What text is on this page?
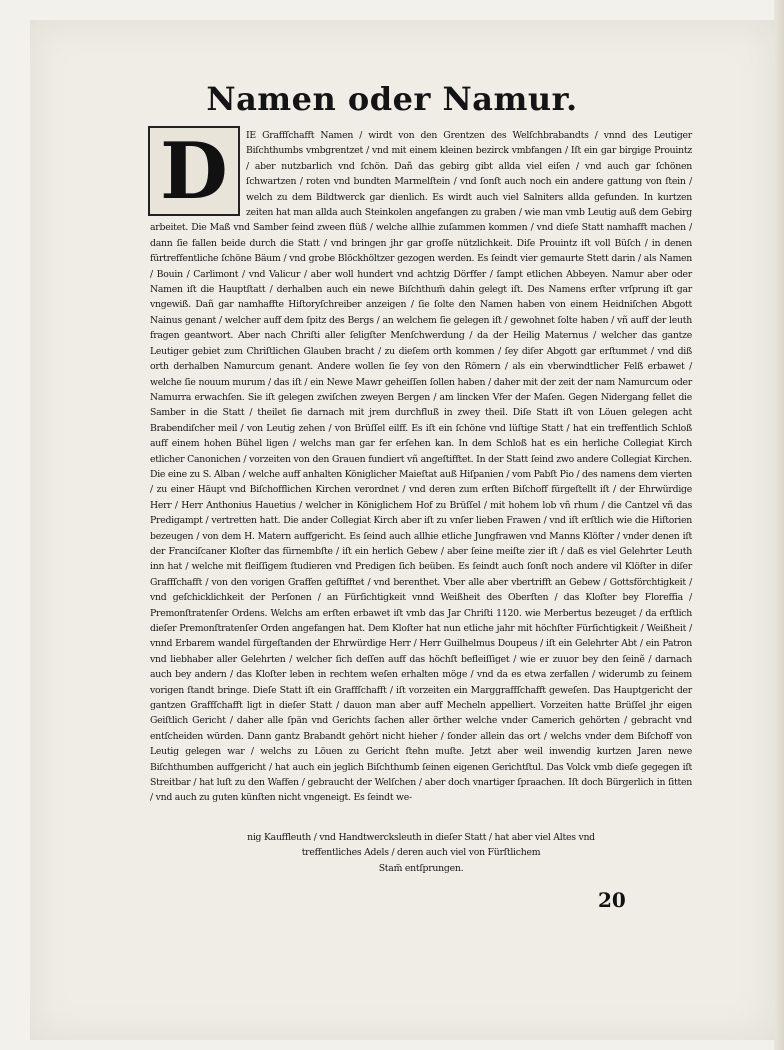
Namen oder Namur.
D	IE Graffſchafft Namen / wirdt von den Grentzen des Welſchbrabandts / vnnd des Leutiger Biſchthumbs vmbgrentzet / vnd mit einem kleinen bezirck vmbfangen / Iſt ein gar birgige Prouintz / aber nutzbarlich vnd ſchön. Dañ das gebirg gibt allda viel eiſen / vnd auch gar ſchönen ſchwartzen / roten vnd bundten Marmelſtein / vnd ſonſt auch noch ein andere gattung von ſtein / welch zu dem Bildtwerck gar dienlich. Es wirdt auch viel Salniters allda gefunden. In kurtzen zeiten hat man allda auch Steinkolen angefangen zu graben / wie man vmb Leutig auß dem Gebirg arbeitet. Die Maß vnd Samber ſeind zween flüß / welche allhie zuſammen kommen / vnd dieſe Statt namhafft machen / dann ſie fallen beide durch die Statt / vnd bringen jhr gar groſſe nützlichkeit. Diſe Prouintz iſt voll Büſch / in denen fürtreffentliche ſchöne Bäum / vnd grobe Blöckhöltzer gezogen werden. Es ſeindt vier gemaurte Stett darin / als Namen / Bouin / Carlimont / vnd Valicur / aber woll hundert vnd achtzig Dörffer / ſampt etlichen Abbeyen. Namur aber oder Namen iſt die Hauptſtatt / derhalben auch ein newe Biſchthum̃ dahin gelegt iſt. Des Namens erſter vrſprung iſt gar vngewiß. Dañ gar namhaffte Hiſtoryſchreiber anzeigen / ſie ſolte den Namen haben von einem Heidniſchen Abgott Nainus genant / welcher auff dem ſpitz des Bergs / an welchem ſie gelegen iſt / gewohnet ſolte haben / vñ auff der leuth fragen geantwort. Aber nach Chriſti aller ſeligſter Menſchwerdung / da der Heilig Maternus / welcher das gantze Leutiger gebiet zum Chriſtlichen Glauben bracht / zu dieſem orth kommen / ſey diſer Abgott gar erſtummet / vnd diß orth derhalben Namurcum genant. Andere wollen ſie ſey von den Römern / als ein vberwindtlicher Felß erbawet / welche ſie nouum murum / das iſt / ein Newe Mawr geheiſſen ſollen haben / daher mit der zeit der nam Namurcum oder Namurra erwachſen. Sie iſt gelegen zwiſchen zweyen Bergen / am lincken Vfer der Maſen. Gegen Nidergang fellet die Samber in die Statt / theilet ſie darnach mit jrem durchfluß in zwey theil. Diſe Statt iſt von Löuen gelegen acht Brabendiſcher meil / von Leutig zehen / von Brüſſel eilff. Es iſt ein ſchöne vnd lüſtige Statt / hat ein treffentlich Schloß auff einem hohen Bühel ligen / welchs man gar fer erſehen kan. In dem Schloß hat es ein herliche Collegiat Kirch etlicher Canonichen / vorzeiten von den Grauen fundiert vñ angeſtifftet. In der Statt ſeind zwo andere Collegiat Kirchen. Die eine zu S. Alban / welche auff anhalten Königlicher Maieſtat auß Hiſpanien / vom Pabſt Pio / des namens dem vierten / zu einer Häupt vnd Biſchofflichen Kirchen verordnet / vnd deren zum erſten Biſchoff fürgeſtellt iſt / der Ehrwürdige Herr / Herr Anthonius Hauetius / welcher in Königlichem Hof zu Brüſſel / mit hohem lob vñ rhum / die Cantzel vñ das Predigampt / vertretten hatt. Die ander Collegiat Kirch aber iſt zu vnſer lieben Frawen / vnd iſt erſtlich wie die Hiſtorien bezeugen / von dem H. Matern auffgericht. Es ſeind auch allhie etliche Jungfrawen vnd Manns Klöſter / vnder denen iſt der Franciſcaner Kloſter das fürnembſte / iſt ein herlich Gebew / aber ſeine meiſte zier iſt / daß es viel Gelehrter Leuth inn hat / welche mit fleiſſigem ſtudieren vnd Predigen ſich beüben. Es ſeindt auch ſonſt noch andere vil Klöſter in diſer Graffſchafft / von den vorigen Graffen geſtifftet / vnd berenthet. Vber alle aber vbertrifft an Gebew / Gottsförchtigkeit / vnd geſchicklichkeit der Perſonen / an Fürſichtigkeit vnnd Weißheit des Oberſten / das Kloſter bey Floreffia / Premonſtratenſer Ordens. Welchs am erſten erbawet iſt vmb das Jar Chriſti 1120. wie Merbertus bezeuget / da erſtlich dieſer Premonſtratenſer Orden angefangen hat. Dem Kloſter hat nun etliche jahr mit höchſter Fürſichtigkeit / Weißheit / vnnd Erbarem wandel fürgeſtanden der Ehrwürdige Herr / Herr Guilhelmus Doupeus / iſt ein Gelehrter Abt / ein Patron vnd liebhaber aller Gelehrten / welcher ſich deſſen auff das höchſt befleiſſiget / wie er zuuor bey den ſeinẽ / darnach auch bey andern / das Kloſter leben in rechtem weſen erhalten möge / vnd da es etwa zerfallen / widerumb zu ſeinem vorigen ſtandt bringe. Dieſe Statt iſt ein Graffſchafft / iſt vorzeiten ein Marggraffſchafft geweſen. Das Hauptgericht der gantzen Graffſchafft ligt in dieſer Statt / dauon man aber auff Mecheln appelliert. Vorzeiten hatte Brüſſel jhr eigen Geiſtlich Gericht / daher alle ſpän vnd Gerichts ſachen aller örther welche vnder Camerich gehörten / gebracht vnd entſcheiden würden. Dann gantz Brabandt gehört nicht hieher / ſonder allein das ort / welchs vnder dem Biſchoff von Leutig gelegen war / welchs zu Löuen zu Gericht ſtehn muſte. Jetzt aber weil inwendig kurtzen Jaren newe Biſchthumben auffgericht / hat auch ein jeglich Biſchthumb ſeinen eigenen Gerichtſtul. Das Volck vmb dieſe gegegen iſt Streitbar / hat luſt zu den Waffen / gebraucht der Welſchen / aber doch vnartiger ſpraachen. Iſt doch Bürgerlich in ſitten / vnd auch zu guten künſten nicht vngeneigt. Es ſeindt we-

nig Kauffleuth / vnd Handtwercksleuth in dieſer Statt / hat aber viel Altes vnd
treffentliches Adels / deren auch viel von Fürſtlichem
Stam̃ entſprungen.
20
